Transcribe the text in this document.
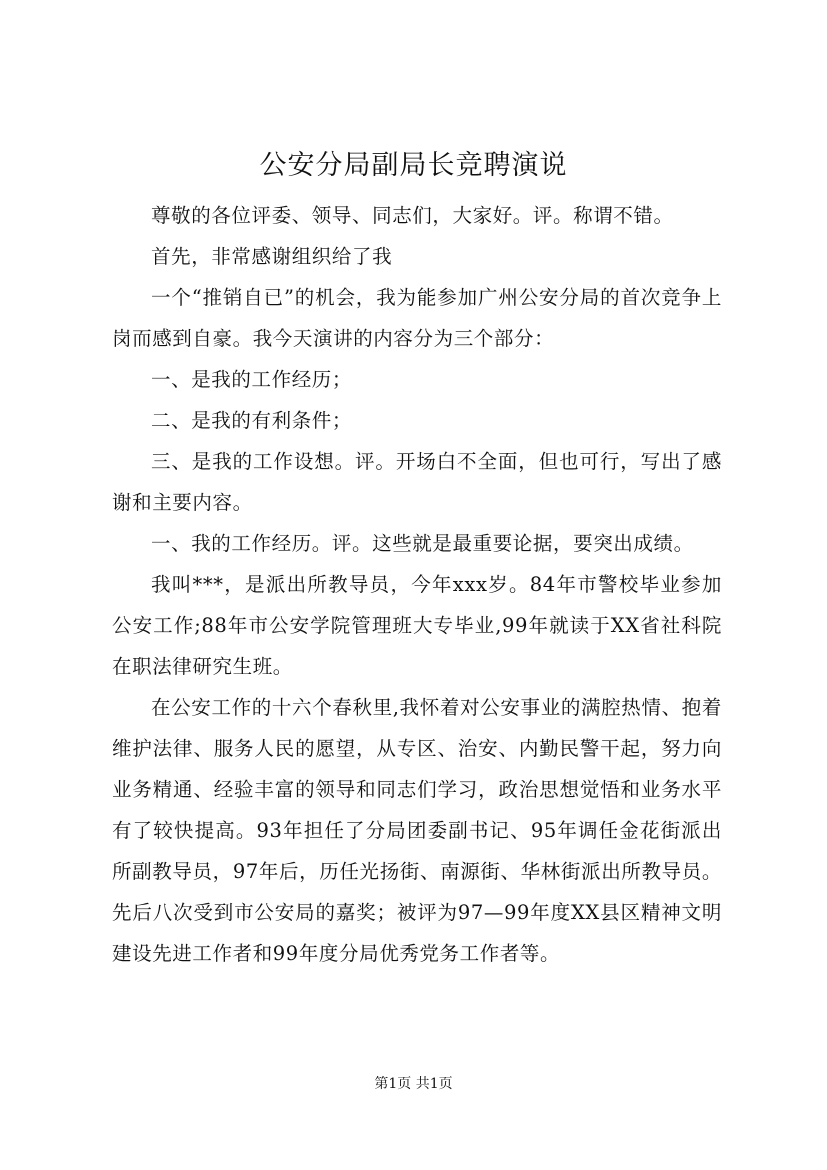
公安分局副局长竞聘演说

尊敬的各位评委、领导、同志们，大家好。评。称谓不错。

首先，非常感谢组织给了我

一个“推销自已”的机会，我为能参加广州公安分局的首次竞争上岗而感到自豪。我今天演讲的内容分为三个部分：

一、是我的工作经历；

二、是我的有利条件；

三、是我的工作设想。评。开场白不全面，但也可行，写出了感谢和主要内容。

一、我的工作经历。评。这些就是最重要论据，要突出成绩。

我叫***，是派出所教导员，今年xxx岁。84年市警校毕业参加公安工作;88年市公安学院管理班大专毕业,99年就读于XX省社科院在职法律研究生班。

在公安工作的十六个春秋里,我怀着对公安事业的满腔热情、抱着维护法律、服务人民的愿望，从专区、治安、内勤民警干起，努力向业务精通、经验丰富的领导和同志们学习，政治思想觉悟和业务水平有了较快提高。93年担任了分局团委副书记、95年调任金花街派出所副教导员，97年后，历任光扬街、南源街、华林街派出所教导员。先后八次受到市公安局的嘉奖；被评为97—99年度XX县区精神文明建设先进工作者和99年度分局优秀党务工作者等。

第1页 共1页
